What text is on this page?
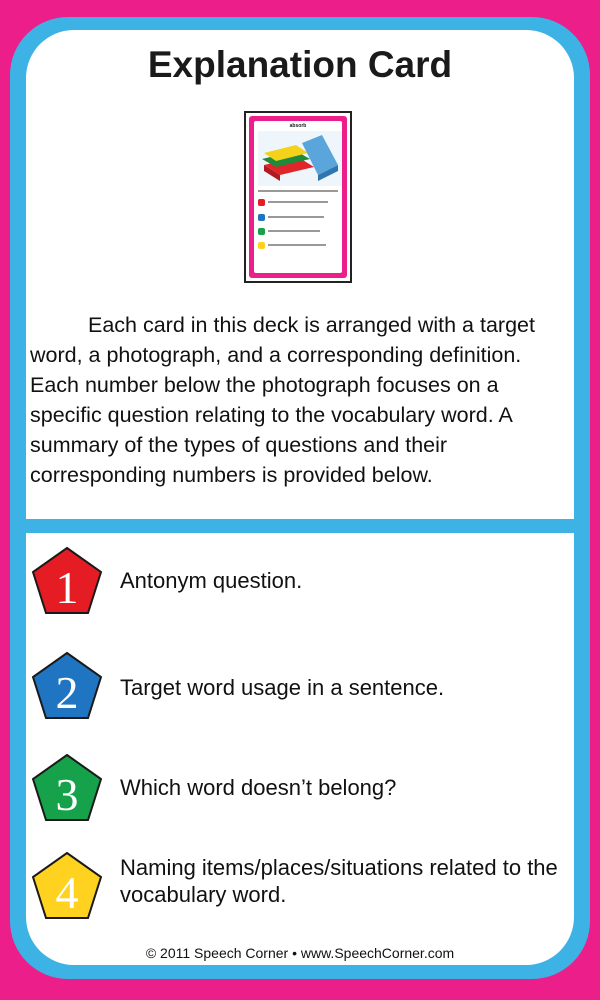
Explanation Card
absorb

Each card in this deck is arranged with a target word, a photograph, and a corresponding definition. Each number below the photograph focuses on a specific question relating to the vocabulary word. A summary of the types of questions and their corresponding numbers is provided below.

1 Antonym question.
2 Target word usage in a sentence.
3 Which word doesn’t belong?
4 Naming items/places/situations related to the vocabulary word.
© 2011 Speech Corner • www.SpeechCorner.com
